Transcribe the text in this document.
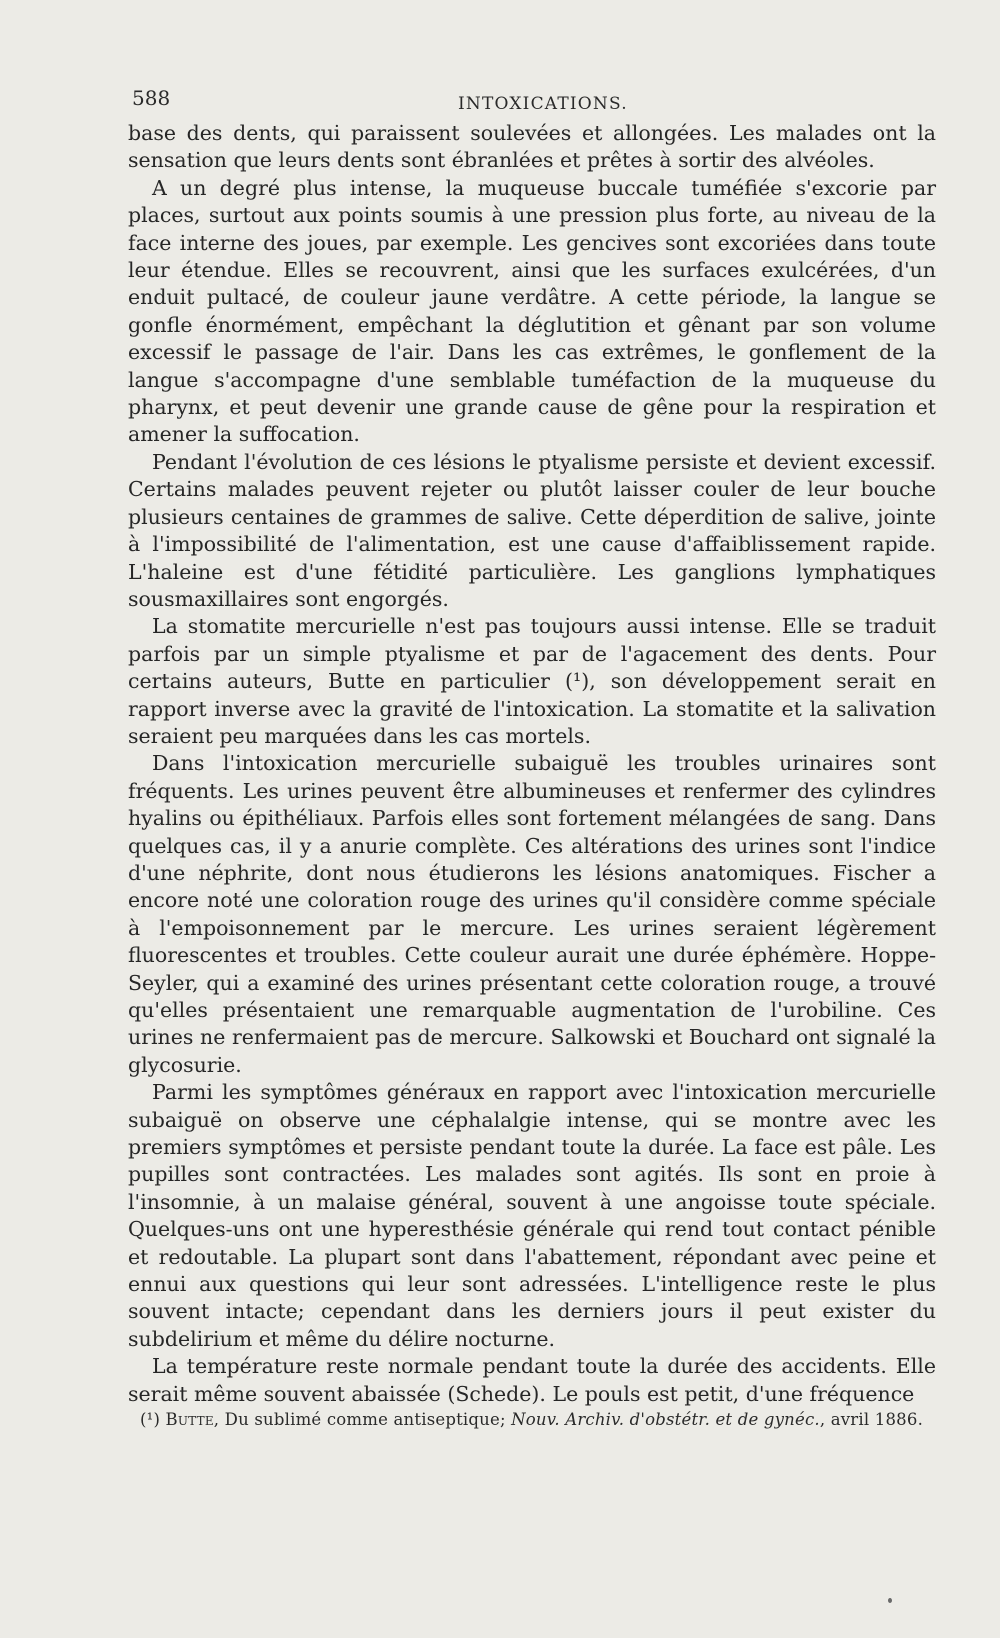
588	INTOXICATIONS.

base des dents, qui paraissent soulevées et allongées. Les malades ont la sensation que leurs dents sont ébranlées et prêtes à sortir des alvéoles.

A un degré plus intense, la muqueuse buccale tuméfiée s'excorie par places, surtout aux points soumis à une pression plus forte, au niveau de la face interne des joues, par exemple. Les gencives sont excoriées dans toute leur étendue. Elles se recouvrent, ainsi que les surfaces exulcérées, d'un enduit pultacé, de couleur jaune verdâtre. A cette période, la langue se gonfle énormément, empêchant la déglutition et gênant par son volume excessif le passage de l'air. Dans les cas extrêmes, le gonflement de la langue s'accompagne d'une semblable tuméfaction de la muqueuse du pharynx, et peut devenir une grande cause de gêne pour la respiration et amener la suffocation.

Pendant l'évolution de ces lésions le ptyalisme persiste et devient excessif. Certains malades peuvent rejeter ou plutôt laisser couler de leur bouche plusieurs centaines de grammes de salive. Cette déperdition de salive, jointe à l'impossibilité de l'alimentation, est une cause d'affaiblissement rapide. L'haleine est d'une fétidité particulière. Les ganglions lymphatiques sousmaxillaires sont engorgés.

La stomatite mercurielle n'est pas toujours aussi intense. Elle se traduit parfois par un simple ptyalisme et par de l'agacement des dents. Pour certains auteurs, Butte en particulier (¹), son développement serait en rapport inverse avec la gravité de l'intoxication. La stomatite et la salivation seraient peu marquées dans les cas mortels.

Dans l'intoxication mercurielle subaiguë les troubles urinaires sont fréquents. Les urines peuvent être albumineuses et renfermer des cylindres hyalins ou épithéliaux. Parfois elles sont fortement mélangées de sang. Dans quelques cas, il y a anurie complète. Ces altérations des urines sont l'indice d'une néphrite, dont nous étudierons les lésions anatomiques. Fischer a encore noté une coloration rouge des urines qu'il considère comme spéciale à l'empoisonnement par le mercure. Les urines seraient légèrement fluorescentes et troubles. Cette couleur aurait une durée éphémère. Hoppe-Seyler, qui a examiné des urines présentant cette coloration rouge, a trouvé qu'elles présentaient une remarquable augmentation de l'urobiline. Ces urines ne renfermaient pas de mercure. Salkowski et Bouchard ont signalé la glycosurie.

Parmi les symptômes généraux en rapport avec l'intoxication mercurielle subaiguë on observe une céphalalgie intense, qui se montre avec les premiers symptômes et persiste pendant toute la durée. La face est pâle. Les pupilles sont contractées. Les malades sont agités. Ils sont en proie à l'insomnie, à un malaise général, souvent à une angoisse toute spéciale. Quelques-uns ont une hyperesthésie générale qui rend tout contact pénible et redoutable. La plupart sont dans l'abattement, répondant avec peine et ennui aux questions qui leur sont adressées. L'intelligence reste le plus souvent intacte; cependant dans les derniers jours il peut exister du subdelirium et même du délire nocturne.

La température reste normale pendant toute la durée des accidents. Elle serait même souvent abaissée (Schede). Le pouls est petit, d'une fréquence

(¹) Butte, Du sublimé comme antiseptique; Nouv. Archiv. d'obstétr. et de gynéc., avril 1886.
